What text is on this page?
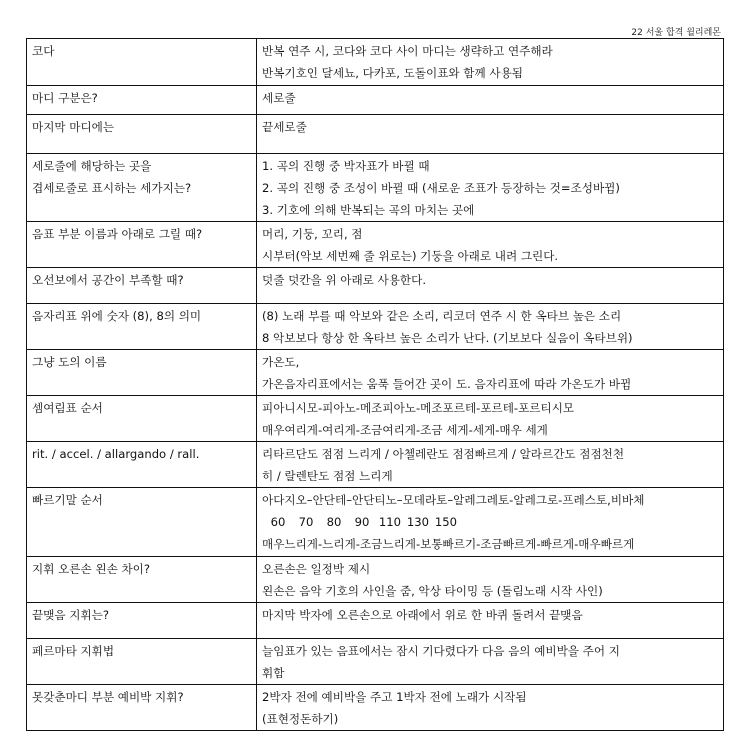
22 서울 합격 윌리레몬
코다	반복 연주 시, 코다와 코다 사이 마디는 생략하고 연주해라
반복기호인 달세뇨, 다카포, 도돌이표와 함께 사용됨

마디 구분은?	세로줄

마지막 마디에는	끝세로줄

세로줄에 해당하는 곳을
겹세로줄로 표시하는 세가지는?	1. 곡의 진행 중 박자표가 바뀔 때
2. 곡의 진행 중 조성이 바뀔 때 (새로운 조표가 등장하는 것=조성바뀜)
3. 기호에 의해 반복되는 곡의 마치는 곳에

음표 부분 이름과 아래로 그릴 때?	머리, 기둥, 꼬리, 점
시부터(악보 세번째 줄 위로는) 기둥을 아래로 내려 그린다.

오선보에서 공간이 부족할 때?	덧줄 덧칸을 위 아래로 사용한다.

음자리표 위에 숫자 (8), 8의 의미	(8) 노래 부를 때 악보와 같은 소리, 리코더 연주 시 한 옥타브 높은 소리
8 악보보다 항상 한 옥타브 높은 소리가 난다. (기보보다 실음이 옥타브위)

그냥 도의 이름	가온도,
가온음자리표에서는 움푹 들어간 곳이 도. 음자리표에 따라 가온도가 바뀜

셈여림표 순서	피아니시모-피아노-메조피아노-메조포르테-포르테-포르티시모
매우여리게-여리게-조금여리게-조금 세게-세게-매우 세게

rit. / accel. / allargando / rall.	리타르단도 점점 느리게 / 아첼레란도 점점빠르게 / 알라르간도 점점천천
히 / 랄렌탄도 점점 느리게

빠르기말 순서	아다지오–안단테–안단티노–모데라토–알레그레토-알레그로-프레스토,비바체
60 70 80 90 110 130 150
매우느리게-느리게-조금느리게-보통빠르기-조금빠르게-빠르게-매우빠르게

지휘 오른손 왼손 차이?	오른손은 일정박 제시
왼손은 음악 기호의 사인을 줌, 악상 타이밍 등 (돌림노래 시작 사인)

끝맺음 지휘는?	마지막 박자에 오른손으로 아래에서 위로 한 바퀴 돌려서 끝맺음

페르마타 지휘법	늘임표가 있는 음표에서는 잠시 기다렸다가 다음 음의 예비박을 주어 지
휘함

못갖춘마디 부분 예비박 지휘?	2박자 전에 예비박을 주고 1박자 전에 노래가 시작됨
(표현정돈하기)
